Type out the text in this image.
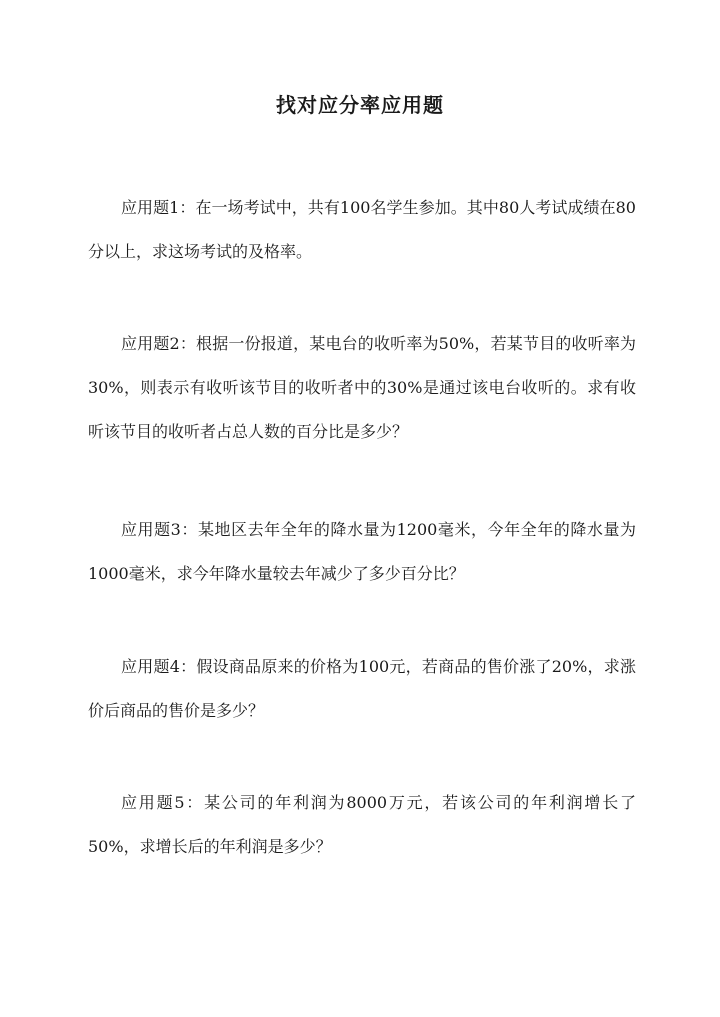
找对应分率应用题

应用题1：在一场考试中，共有100名学生参加。其中80人考试成绩在80分以上，求这场考试的及格率。

应用题2：根据一份报道，某电台的收听率为50%，若某节目的收听率为30%，则表示有收听该节目的收听者中的30%是通过该电台收听的。求有收听该节目的收听者占总人数的百分比是多少？

应用题3：某地区去年全年的降水量为1200毫米，今年全年的降水量为1000毫米，求今年降水量较去年减少了多少百分比？

应用题4：假设商品原来的价格为100元，若商品的售价涨了20%，求涨价后商品的售价是多少？

应用题5：某公司的年利润为8000万元，若该公司的年利润增长了50%，求增长后的年利润是多少？
